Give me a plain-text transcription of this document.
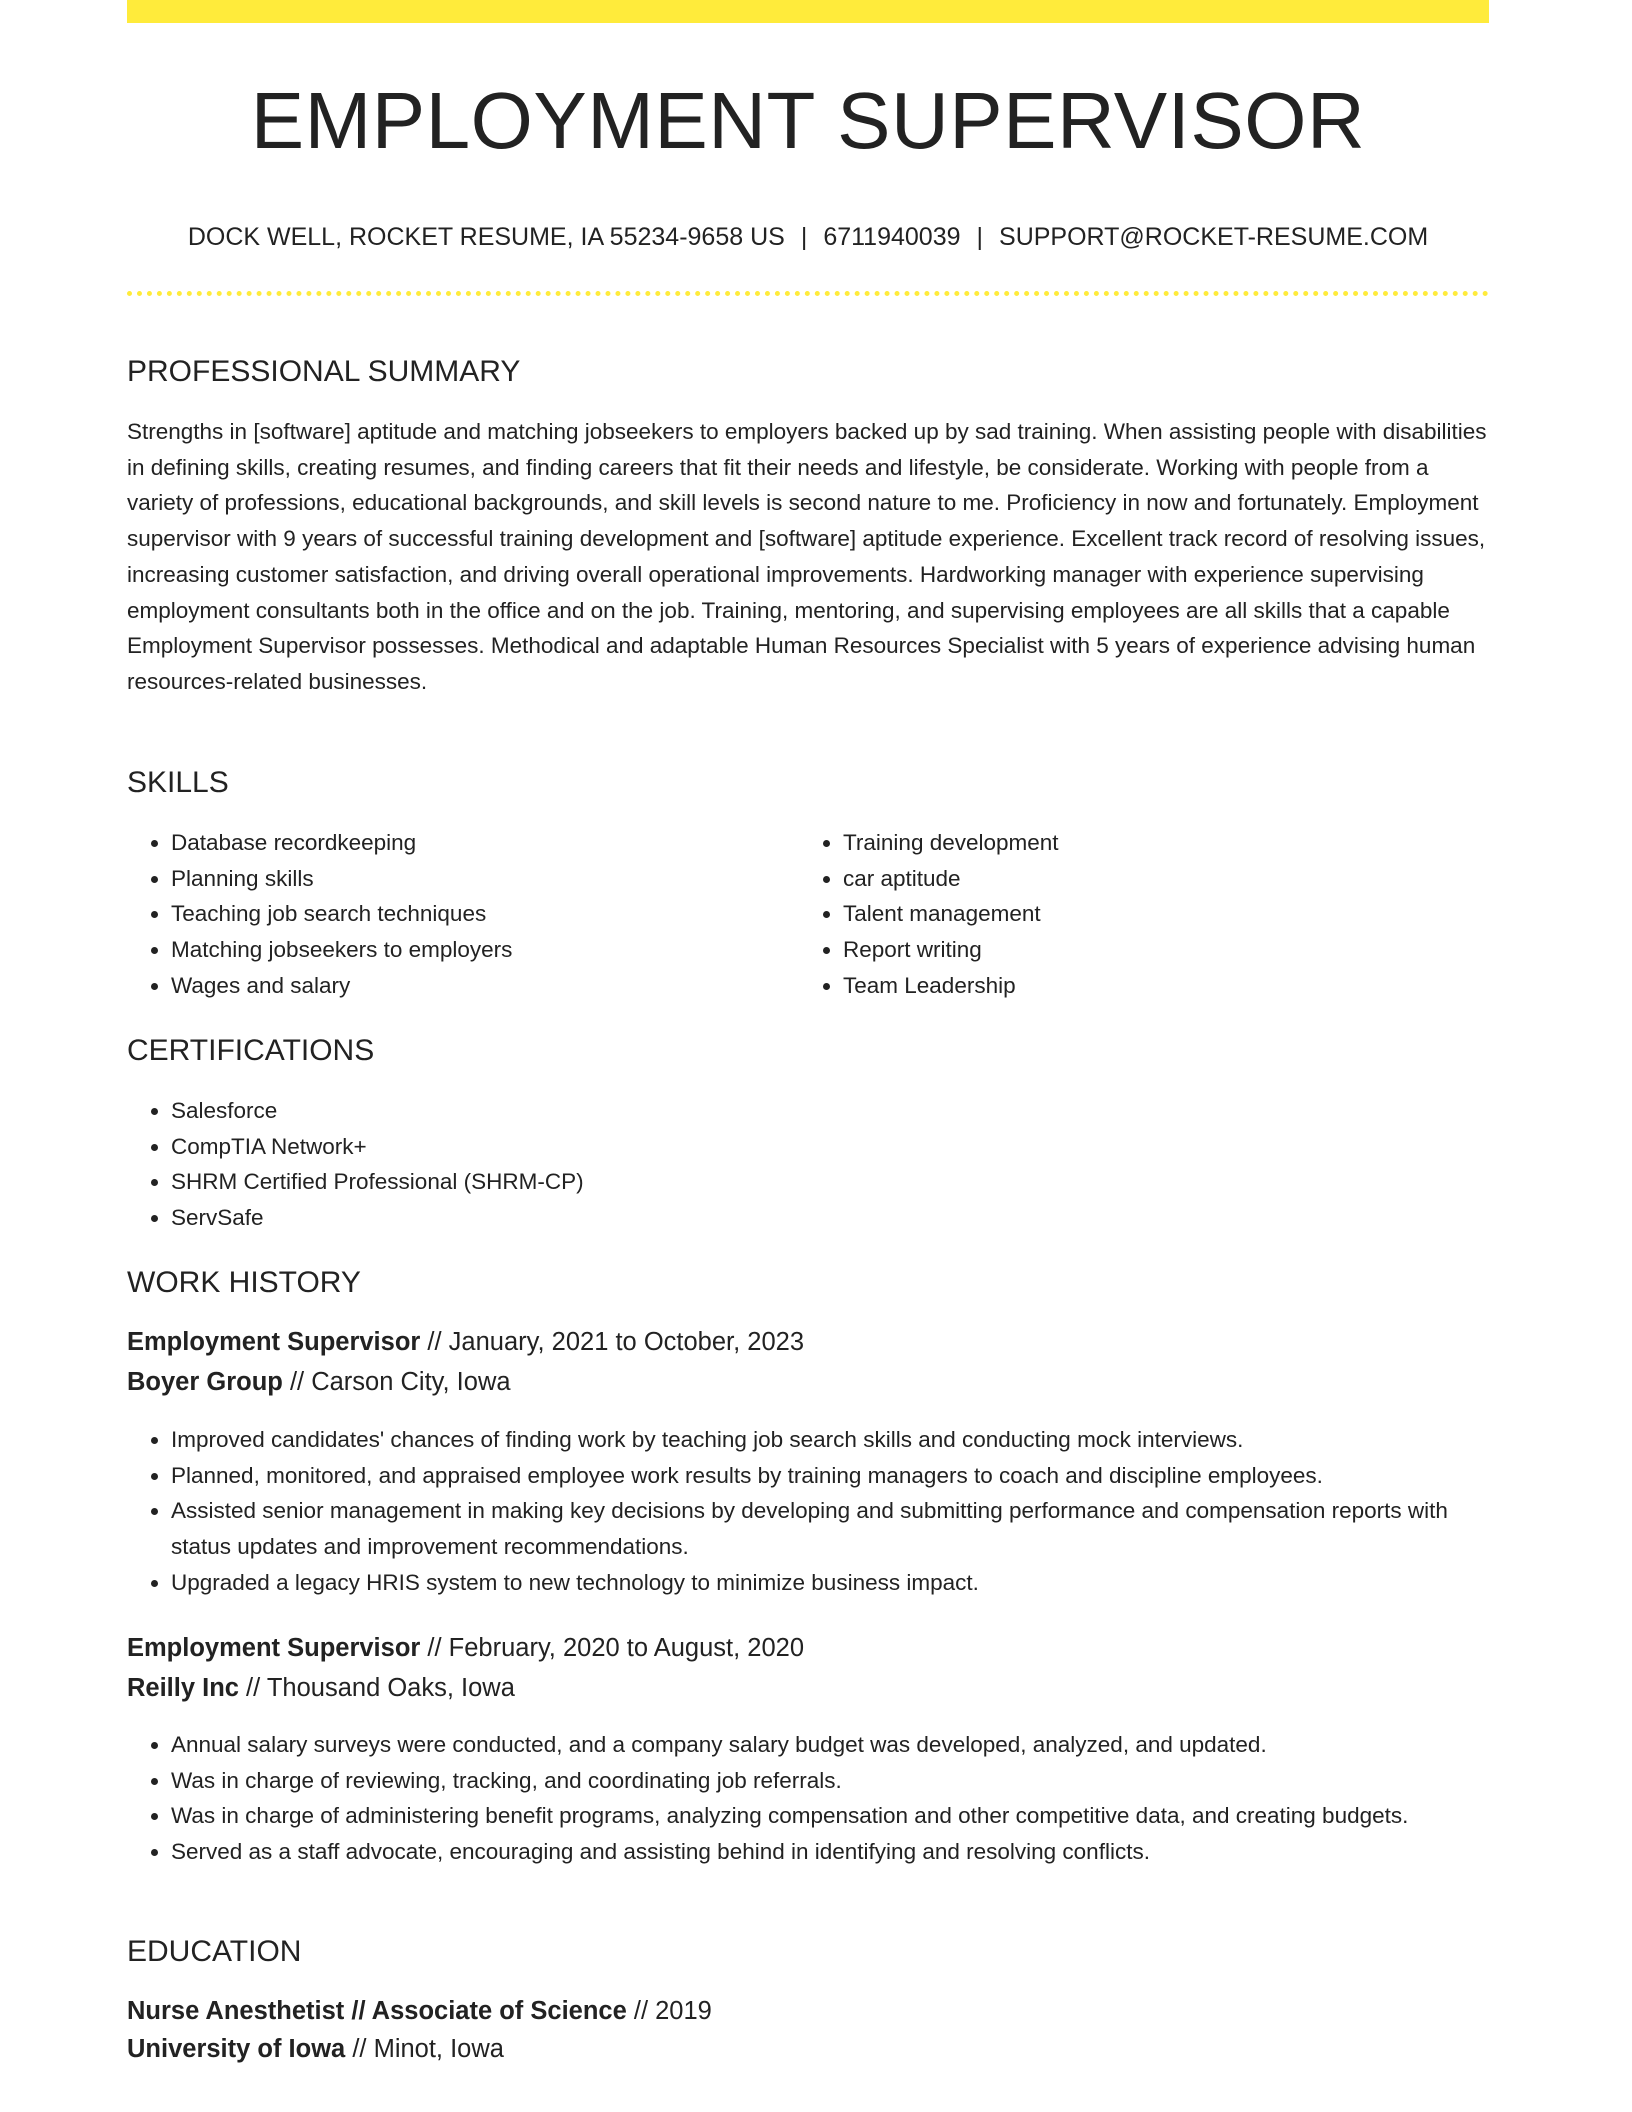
EMPLOYMENT SUPERVISOR
DOCK WELL, ROCKET RESUME, IA 55234-9658 US | 6711940039 | SUPPORT@ROCKET-RESUME.COM
PROFESSIONAL SUMMARY

Strengths in [software] aptitude and matching jobseekers to employers backed up by sad training. When assisting people with disabilities in defining skills, creating resumes, and finding careers that fit their needs and lifestyle, be considerate. Working with people from a variety of professions, educational backgrounds, and skill levels is second nature to me. Proficiency in now and fortunately. Employment supervisor with 9 years of successful training development and [software] aptitude experience. Excellent track record of resolving issues, increasing customer satisfaction, and driving overall operational improvements. Hardworking manager with experience supervising employment consultants both in the office and on the job. Training, mentoring, and supervising employees are all skills that a capable Employment Supervisor possesses. Methodical and adaptable Human Resources Specialist with 5 years of experience advising human resources-related businesses.

SKILLS
• Database recordkeeping
• Planning skills
• Teaching job search techniques
• Matching jobseekers to employers
• Wages and salary
• Training development
• car aptitude
• Talent management
• Report writing
• Team Leadership
CERTIFICATIONS
• Salesforce
• CompTIA Network+
• SHRM Certified Professional (SHRM-CP)
• ServSafe
WORK HISTORY

Employment Supervisor // January, 2021 to October, 2023

Boyer Group // Carson City, Iowa

• Improved candidates' chances of finding work by teaching job search skills and conducting mock interviews.
• Planned, monitored, and appraised employee work results by training managers to coach and discipline employees.
• Assisted senior management in making key decisions by developing and submitting performance and compensation reports with status updates and improvement recommendations.
• Upgraded a legacy HRIS system to new technology to minimize business impact.

Employment Supervisor // February, 2020 to August, 2020

Reilly Inc // Thousand Oaks, Iowa

• Annual salary surveys were conducted, and a company salary budget was developed, analyzed, and updated.
• Was in charge of reviewing, tracking, and coordinating job referrals.
• Was in charge of administering benefit programs, analyzing compensation and other competitive data, and creating budgets.
• Served as a staff advocate, encouraging and assisting behind in identifying and resolving conflicts.
EDUCATION

Nurse Anesthetist // Associate of Science // 2019

University of Iowa // Minot, Iowa
